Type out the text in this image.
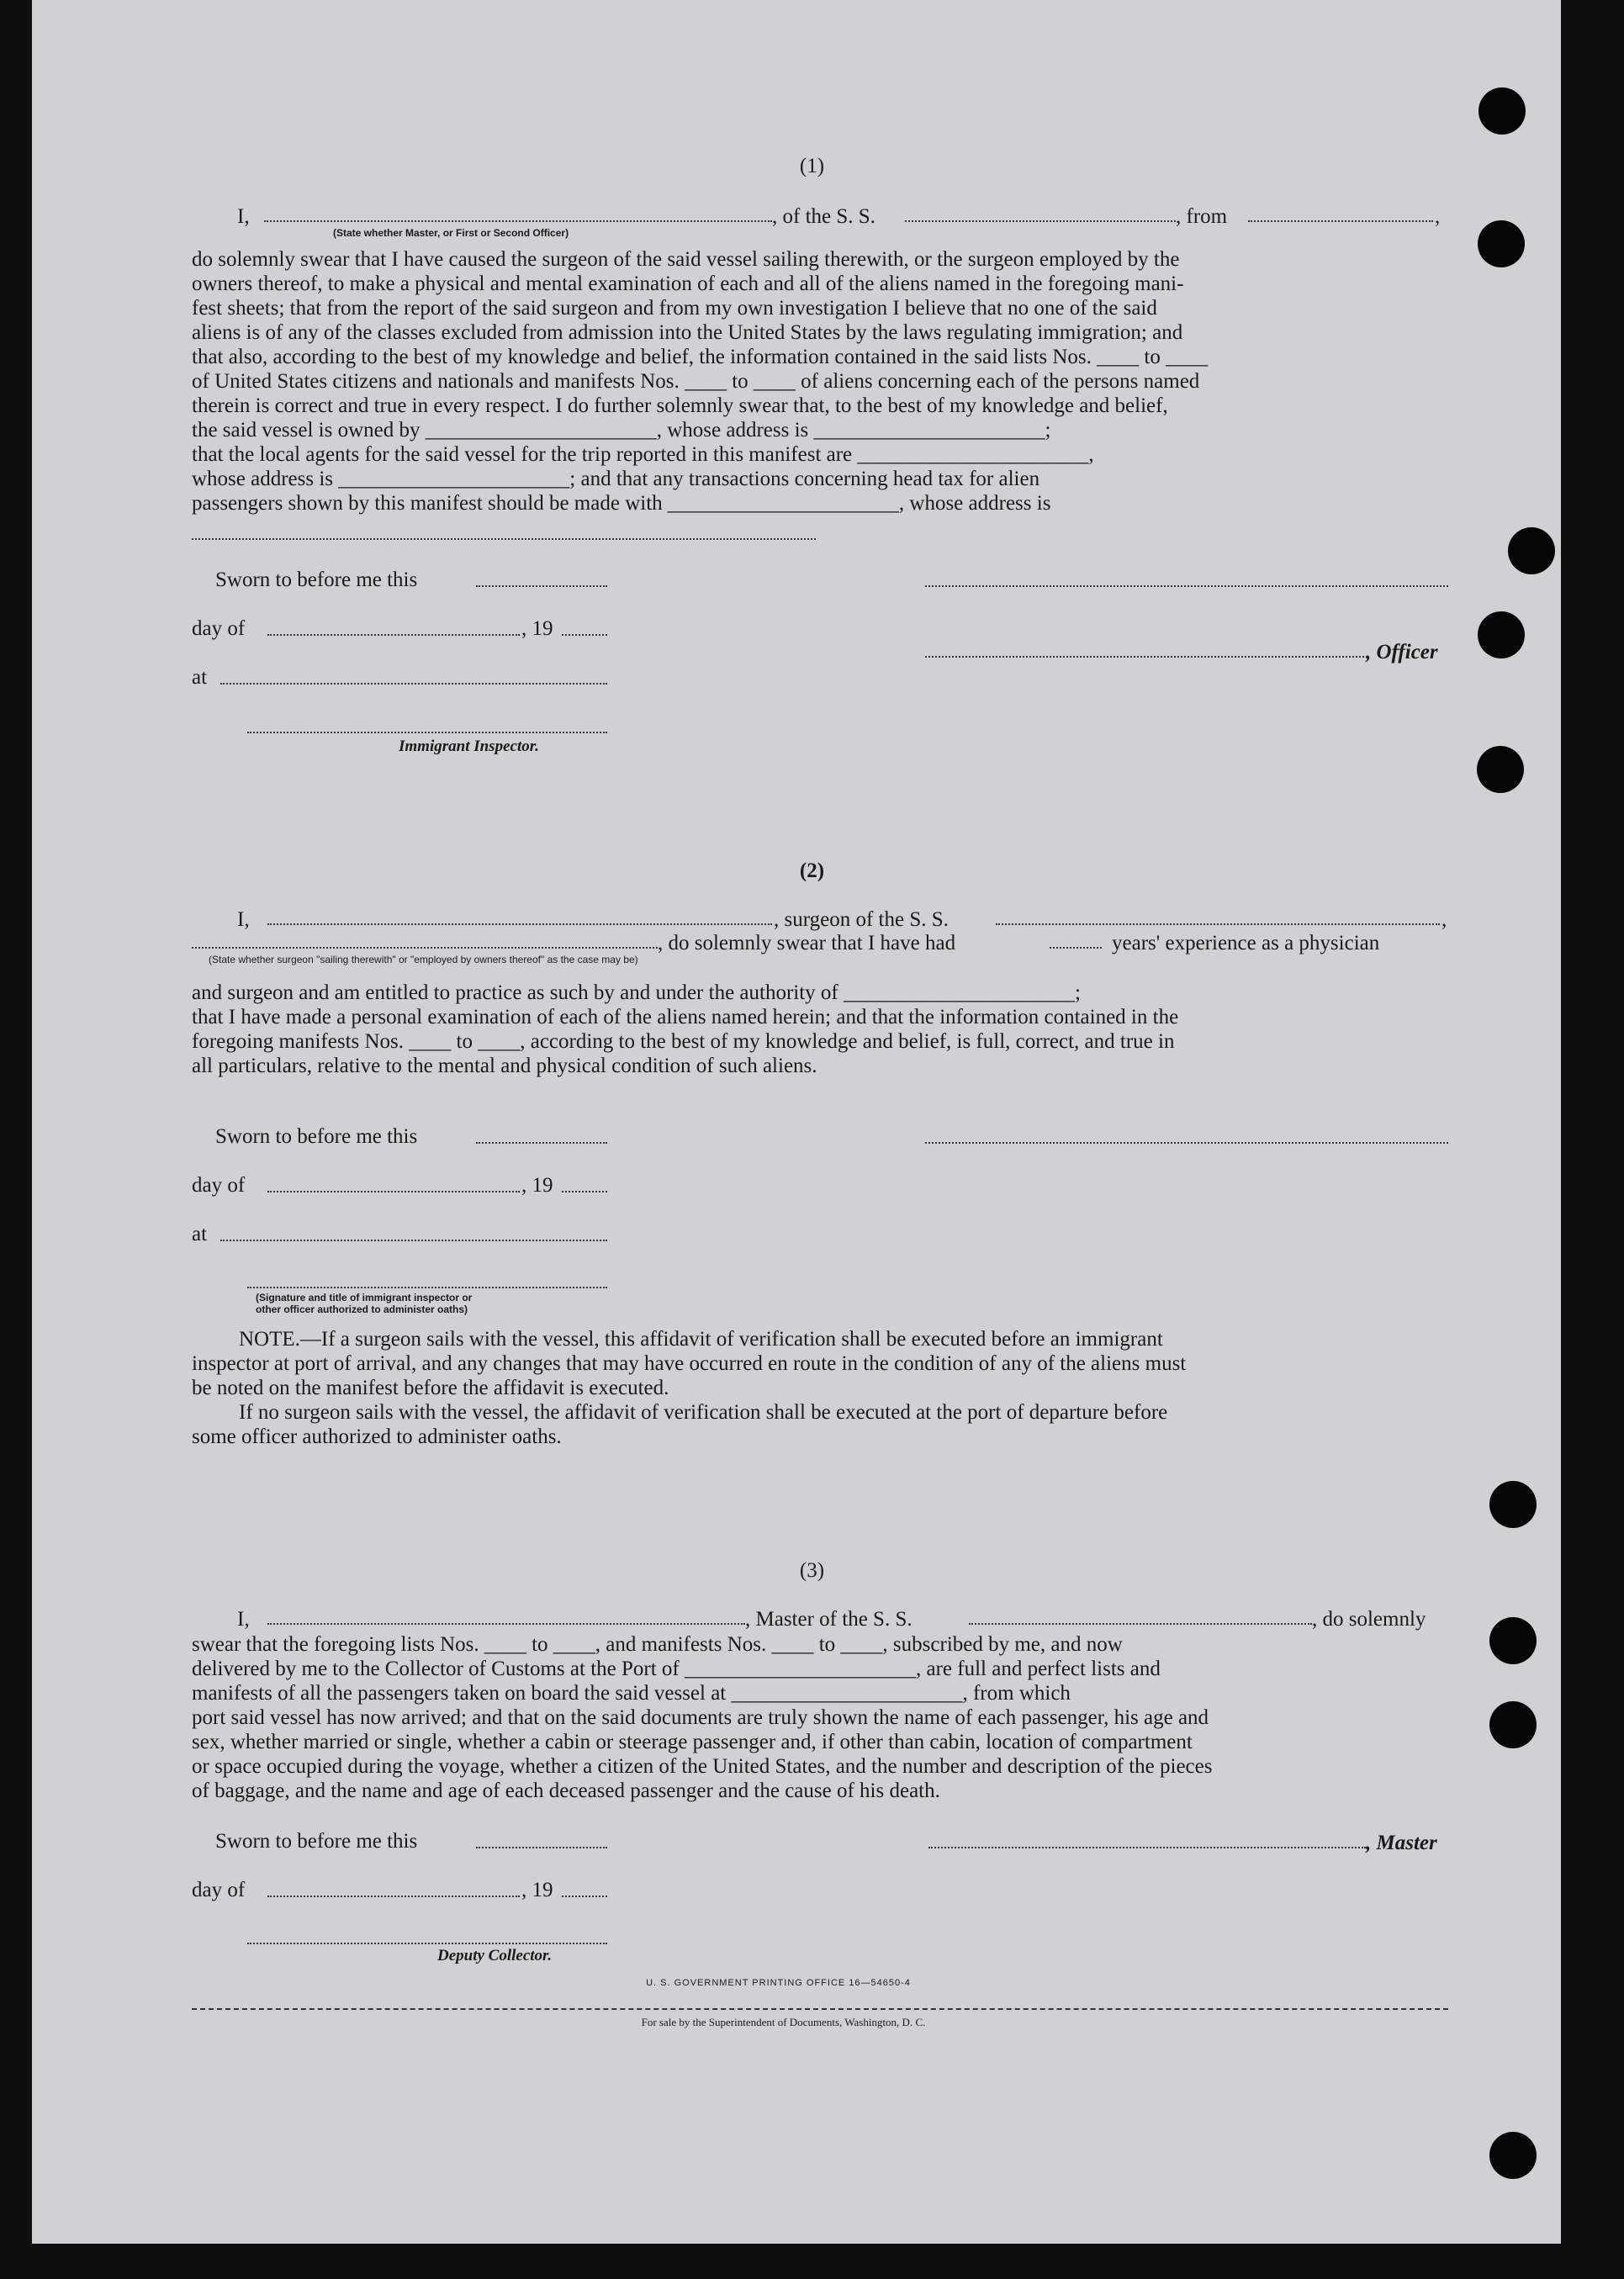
(1)
I,	, of the S. S.	, from	,
(State whether Master, or First or Second Officer)
do solemnly swear that I have caused the surgeon of the said vessel sailing therewith, or the surgeon employed by the
owners thereof, to make a physical and mental examination of each and all of the aliens named in the foregoing mani-
fest sheets; that from the report of the said surgeon and from my own investigation I believe that no one of the said
aliens is of any of the classes excluded from admission into the United States by the laws regulating immigration; and
that also, according to the best of my knowledge and belief, the information contained in the said lists Nos. ____ to ____
of United States citizens and nationals and manifests Nos. ____ to ____ of aliens concerning each of the persons named
therein is correct and true in every respect. I do further solemnly swear that, to the best of my knowledge and belief,
the said vessel is owned by ______________________, whose address is ______________________;
that the local agents for the said vessel for the trip reported in this manifest are ______________________,
whose address is ______________________; and that any transactions concerning head tax for alien
passengers shown by this manifest should be made with ______________________, whose address is
Sworn to before me this
day of	, 19
, Officer
at
Immigrant Inspector.
(2)
I,	, surgeon of the S. S.	,
, do solemnly swear that I have had	years' experience as a physician
(State whether surgeon "sailing therewith" or "employed by owners thereof" as the case may be)
and surgeon and am entitled to practice as such by and under the authority of ______________________;
that I have made a personal examination of each of the aliens named herein; and that the information contained in the
foregoing manifests Nos. ____ to ____, according to the best of my knowledge and belief, is full, correct, and true in
all particulars, relative to the mental and physical condition of such aliens.
Sworn to before me this
day of	, 19
at
(Signature and title of immigrant inspector or
other officer authorized to administer oaths)
NOTE.—If a surgeon sails with the vessel, this affidavit of verification shall be executed before an immigrant
inspector at port of arrival, and any changes that may have occurred en route in the condition of any of the aliens must
be noted on the manifest before the affidavit is executed.
If no surgeon sails with the vessel, the affidavit of verification shall be executed at the port of departure before
some officer authorized to administer oaths.
(3)
I,	, Master of the S. S.	, do solemnly
swear that the foregoing lists Nos. ____ to ____, and manifests Nos. ____ to ____, subscribed by me, and now
delivered by me to the Collector of Customs at the Port of ______________________, are full and perfect lists and
manifests of all the passengers taken on board the said vessel at ______________________, from which
port said vessel has now arrived; and that on the said documents are truly shown the name of each passenger, his age and
sex, whether married or single, whether a cabin or steerage passenger and, if other than cabin, location of compartment
or space occupied during the voyage, whether a citizen of the United States, and the number and description of the pieces
of baggage, and the name and age of each deceased passenger and the cause of his death.
Sworn to before me this	, Master
day of	, 19
Deputy Collector.
U. S. GOVERNMENT PRINTING OFFICE 16—54650-4
For sale by the Superintendent of Documents, Washington, D. C.
